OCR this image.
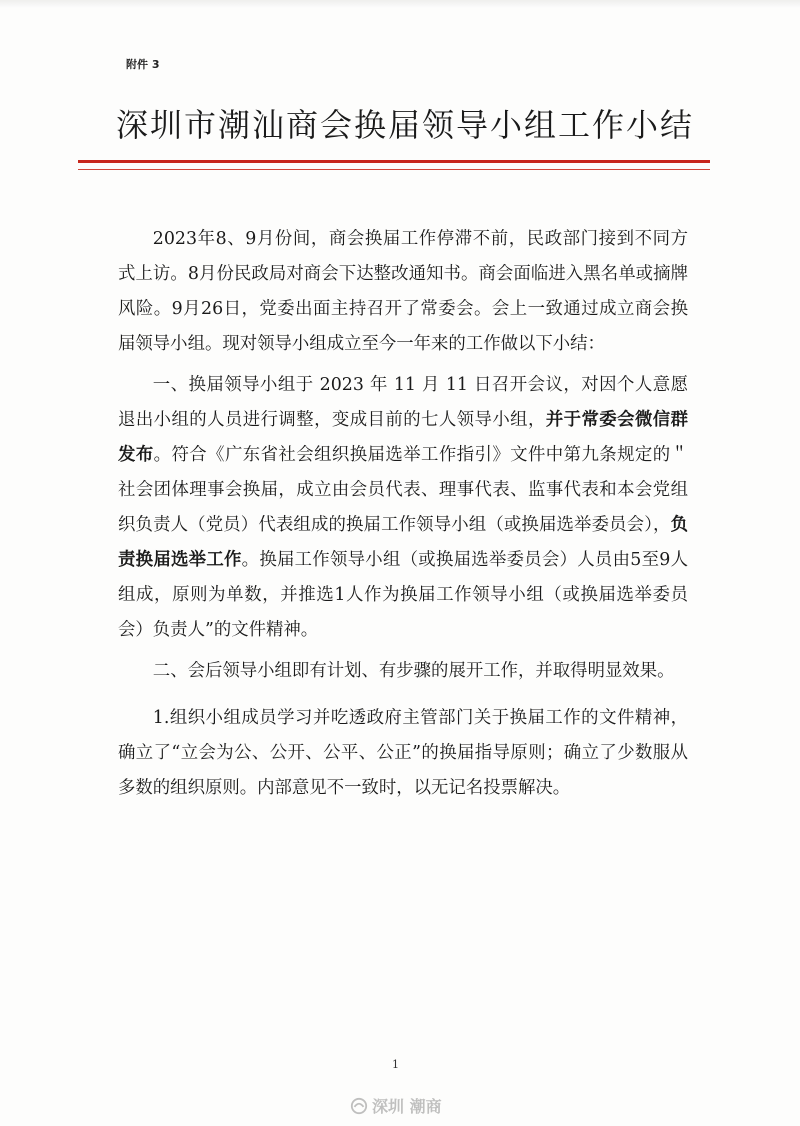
附件 3
深圳市潮汕商会换届领导小组工作小结

2023年8、9月份间，商会换届工作停滞不前，民政部门接到不同方式上访。8月份民政局对商会下达整改通知书。商会面临进入黑名单或摘牌风险。9月26日，党委出面主持召开了常委会。会上一致通过成立商会换届领导小组。现对领导小组成立至今一年来的工作做以下小结：

一、换届领导小组于 2023 年 11 月 11 日召开会议，对因个人意愿退出小组的人员进行调整，变成目前的七人领导小组，并于常委会微信群发布。符合《广东省社会组织换届选举工作指引》文件中第九条规定的＂社会团体理事会换届，成立由会员代表、理事代表、监事代表和本会党组织负责人（党员）代表组成的换届工作领导小组（或换届选举委员会），负责换届选举工作。换届工作领导小组（或换届选举委员会）人员由5至9人组成，原则为单数，并推选1人作为换届工作领导小组（或换届选举委员会）负责人”的文件精神。

二、会后领导小组即有计划、有步骤的展开工作，并取得明显效果。

1.组织小组成员学习并吃透政府主管部门关于换届工作的文件精神，确立了“立会为公、公开、公平、公正”的换届指导原则；确立了少数服从多数的组织原则。内部意见不一致时，以无记名投票解决。

1
深圳 潮商
